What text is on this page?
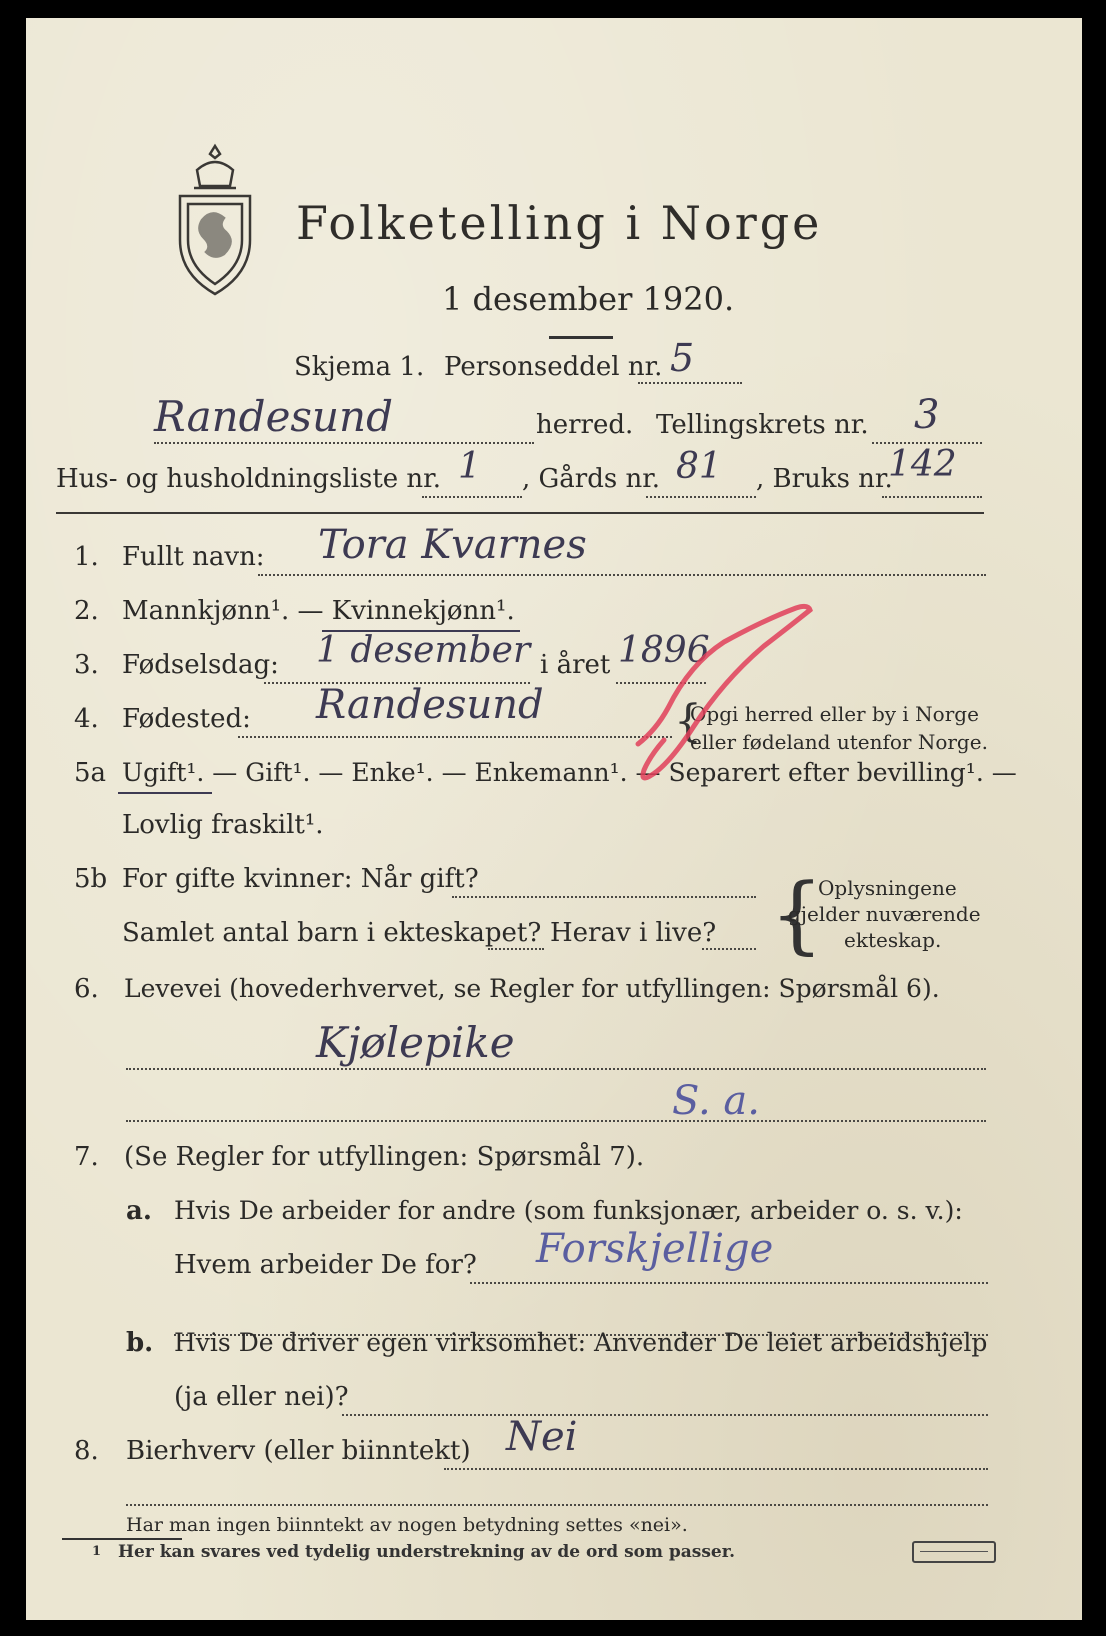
Folketelling i Norge
1 desember 1920.
Skjema 1. Personseddel nr. 5
Randesund	herred. Tellingskrets nr. 3
Hus- og husholdningsliste nr. 1 , Gårds nr. 81 , Bruks nr.
142
1. Fullt navn: Tora Kvarnes
2. Mannkjønn¹. — Kvinnekjønn¹.
3. Fødselsdag: 1 desember i året 1896
4. Fødested: Randesund	{
Opgi herred eller by i Norge
eller fødeland utenfor Norge.
5a Ugift¹. — Gift¹. — Enke¹. — Enkemann¹. — Separert efter bevilling¹. —
Lovlig fraskilt¹.
5b For gifte kvinner: Når gift?
Samlet antal barn i ekteskapet? Herav i live? {
Oplysningene
gjelder nuværende
ekteskap.
6. Levevei (hovederhvervet, se Regler for utfyllingen: Spørsmål 6).
Kjølepike
S. a.
7. (Se Regler for utfyllingen: Spørsmål 7).
a. Hvis De arbeider for andre (som funksjonær, arbeider o. s. v.):
Hvem arbeider De for? Forskjellige
b. Hvis De driver egen virksomhet: Anvender De leiet arbeidshjelp
(ja eller nei)?
8. Bierhverv (eller biinntekt) Nei
Har man ingen biinntekt av nogen betydning settes «nei».
1 Her kan svares ved tydelig understrekning av de ord som passer.
